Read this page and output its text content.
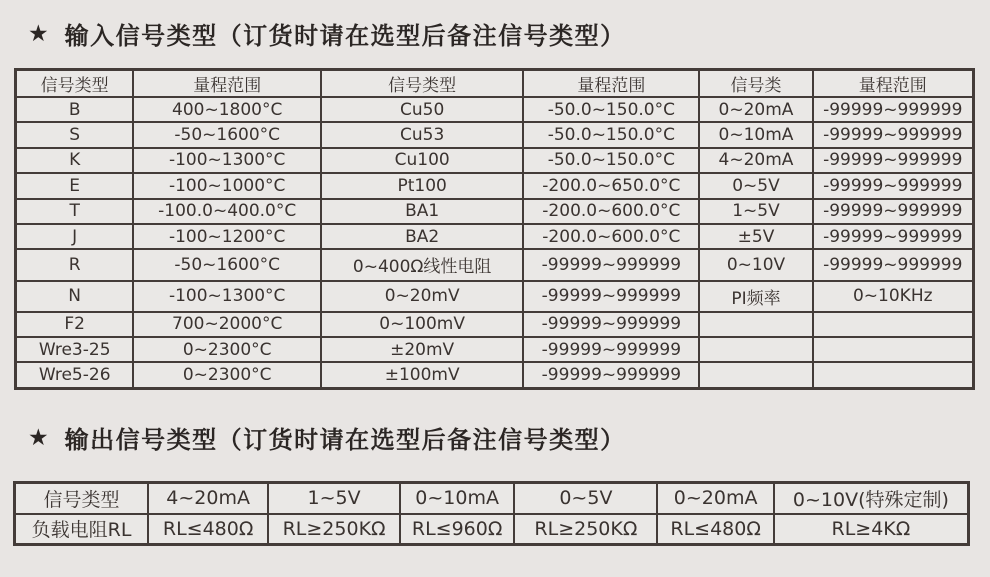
★ 输入信号类型（订货时请在选型后备注信号类型）
信号类型	量程范围	信号类型	量程范围	信号类	量程范围
B	400~1800°C	Cu50	-50.0~150.0°C	0~20mA	-99999~999999
S	-50~1600°C	Cu53	-50.0~150.0°C	0~10mA	-99999~999999
K	-100~1300°C	Cu100	-50.0~150.0°C	4~20mA	-99999~999999
E	-100~1000°C	Pt100	-200.0~650.0°C	0~5V	-99999~999999
T	-100.0~400.0°C	BA1	-200.0~600.0°C	1~5V	-99999~999999
J	-100~1200°C	BA2	-200.0~600.0°C	±5V	-99999~999999
R	-50~1600°C	0~400Ω线性电阻	-99999~999999	0~10V	-99999~999999
N	-100~1300°C	0~20mV	-99999~999999	PI频率	0~10KHz
F2	700~2000°C	0~100mV	-99999~999999		
Wre3-25	0~2300°C	±20mV	-99999~999999		
Wre5-26	0~2300°C	±100mV	-99999~999999		
★ 输出信号类型（订货时请在选型后备注信号类型）
信号类型	4~20mA	1~5V	0~10mA	0~5V	0~20mA	0~10V(特殊定制)
负载电阻RL	RL≤480Ω	RL≥250KΩ	RL≤960Ω	RL≥250KΩ	RL≤480Ω	RL≥4KΩ
